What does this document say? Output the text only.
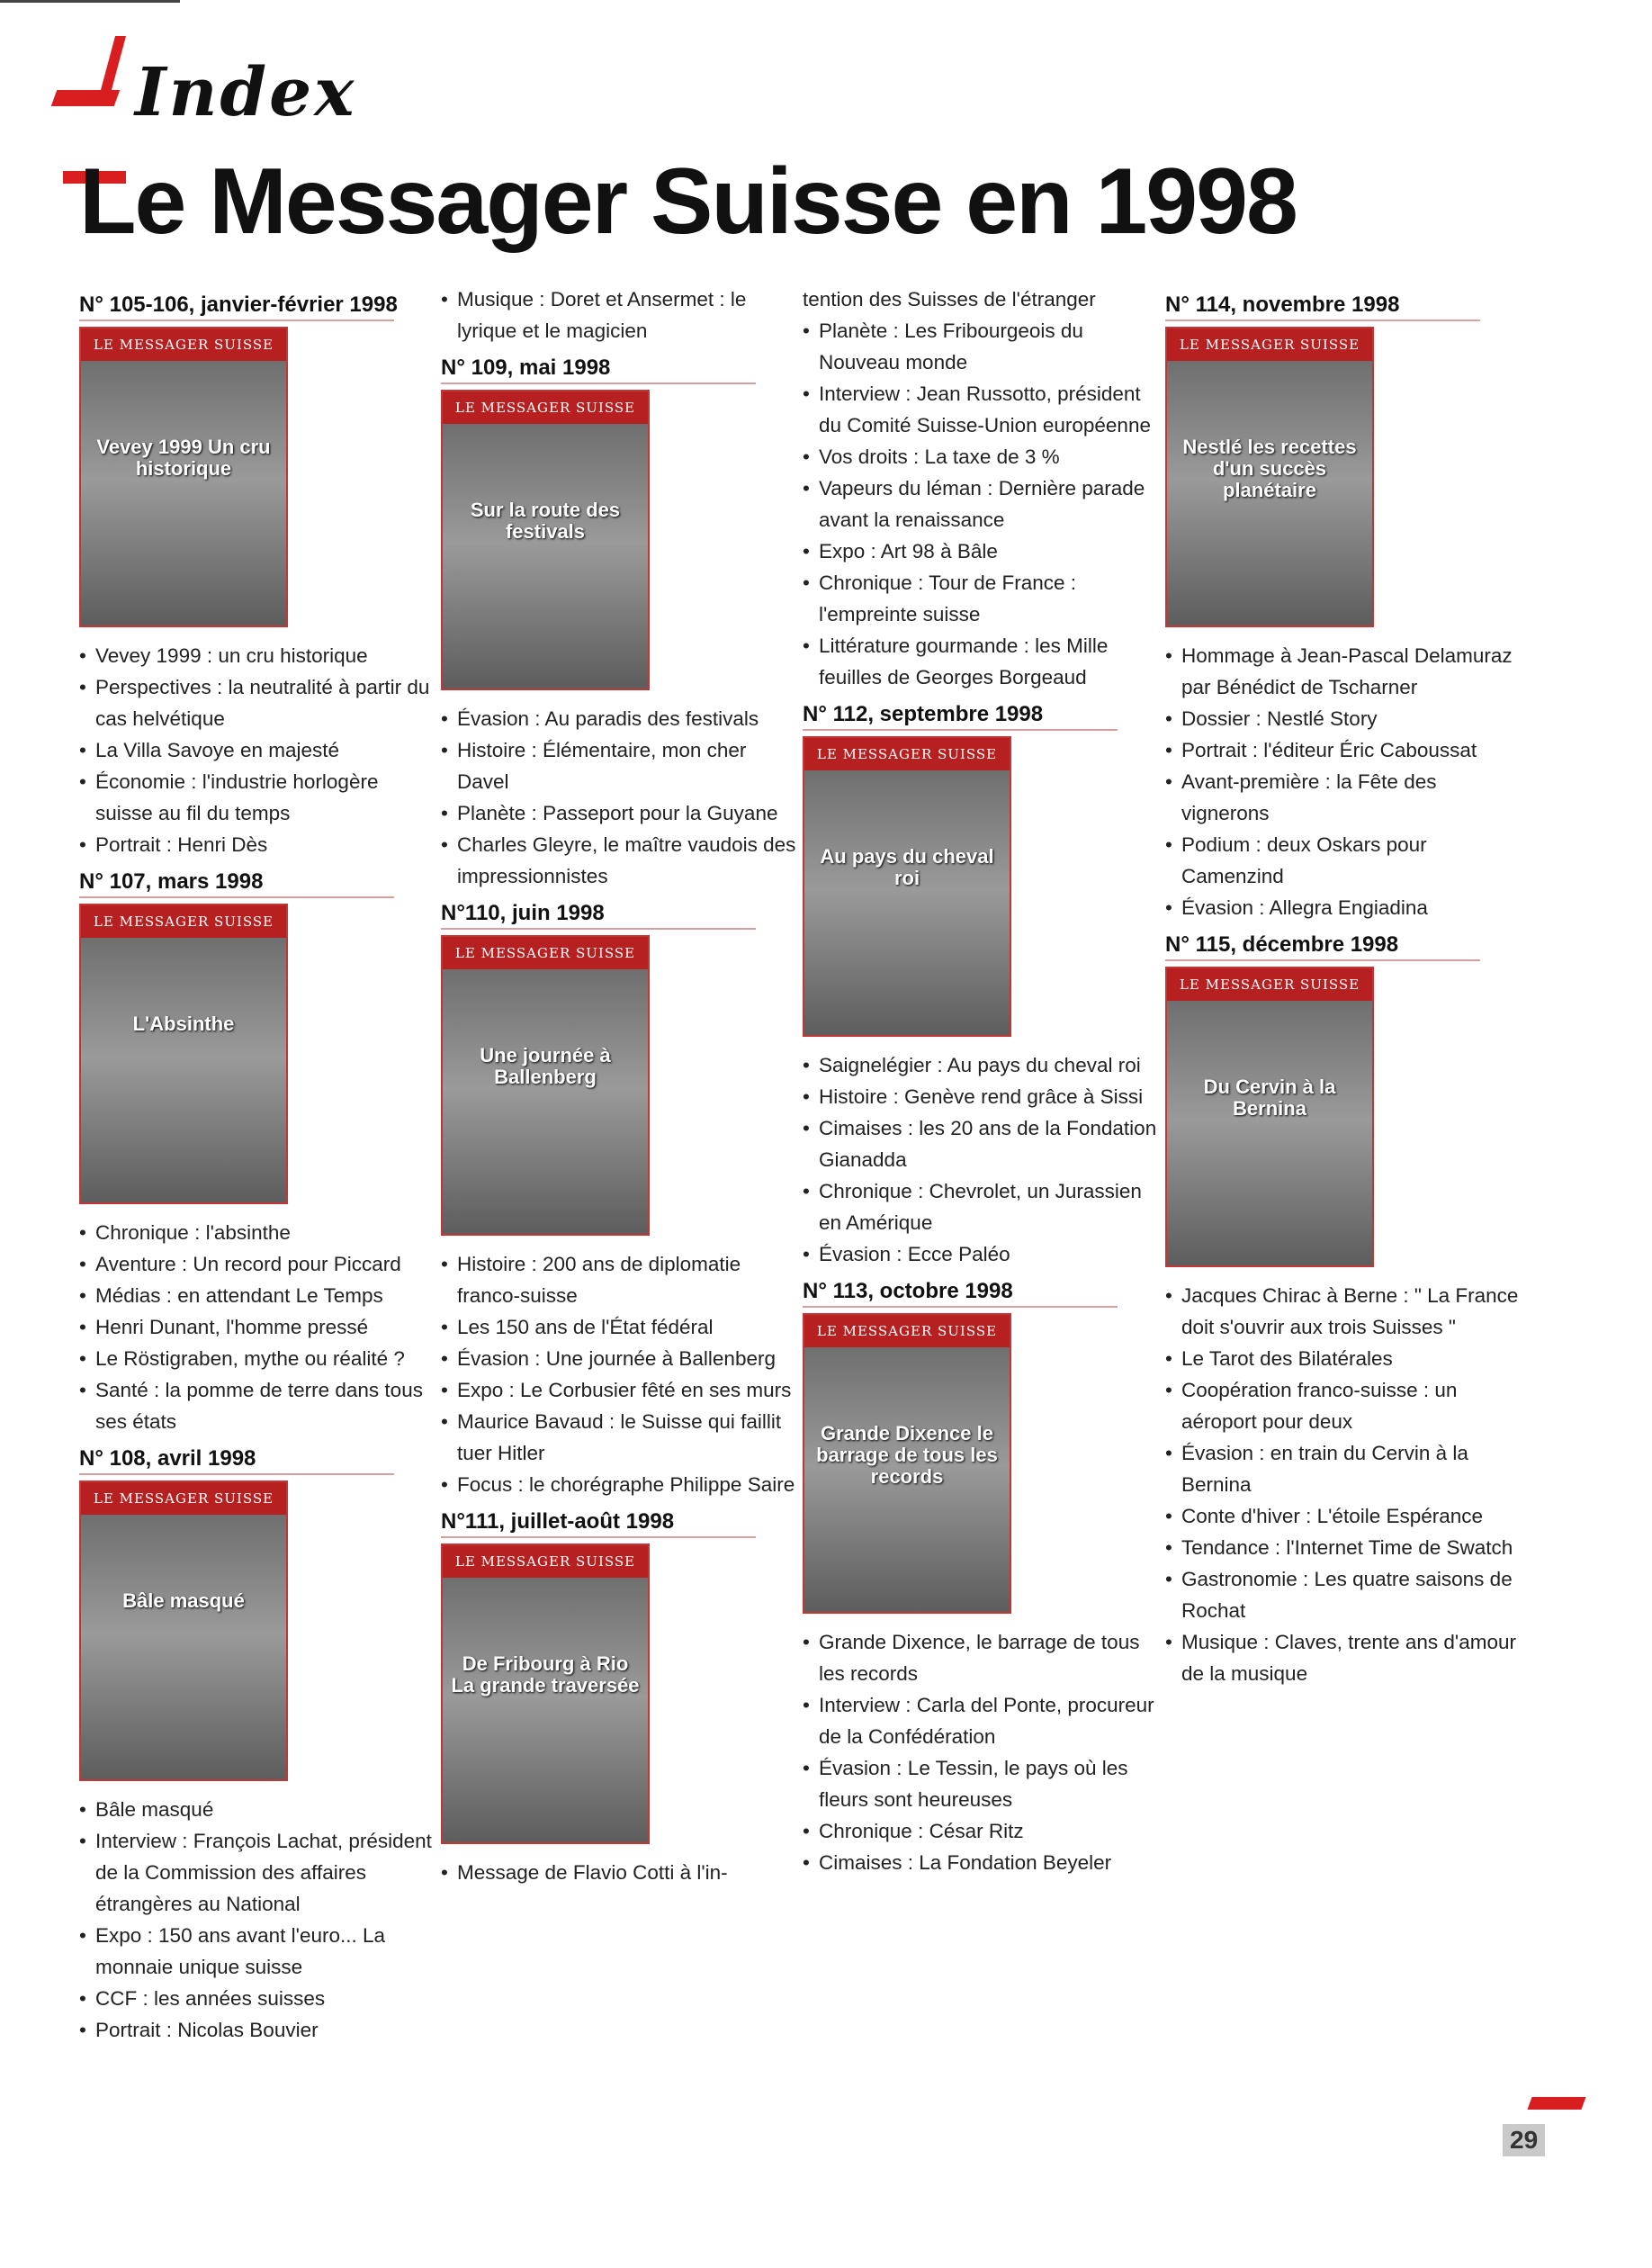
Index
Le Messager Suisse en 1998
N° 105-106, janvier-février 1998
LE MESSAGER SUISSE
Vevey 1999 Un cru historique
• Vevey 1999 : un cru historique
• Perspectives : la neutralité à partir du cas helvétique
• La Villa Savoye en majesté
• Économie : l'industrie horlogère suisse au fil du temps
• Portrait : Henri Dès
N° 107, mars 1998
LE MESSAGER SUISSE
L'Absinthe
• Chronique : l'absinthe
• Aventure : Un record pour Piccard
• Médias : en attendant Le Temps
• Henri Dunant, l'homme pressé
• Le Röstigraben, mythe ou réalité ?
• Santé : la pomme de terre dans tous ses états
N° 108, avril 1998
LE MESSAGER SUISSE
Bâle masqué
• Bâle masqué
• Interview : François Lachat, président de la Commission des affaires étrangères au National
• Expo : 150 ans avant l'euro... La monnaie unique suisse
• CCF : les années suisses
• Portrait : Nicolas Bouvier
• Musique : Doret et Ansermet : le lyrique et le magicien
N° 109, mai 1998
LE MESSAGER SUISSE
Sur la route des festivals
• Évasion : Au paradis des festivals
• Histoire : Élémentaire, mon cher Davel
• Planète : Passeport pour la Guyane
• Charles Gleyre, le maître vaudois des impressionnistes
N°110, juin 1998
LE MESSAGER SUISSE
Une journée à Ballenberg
• Histoire : 200 ans de diplomatie franco-suisse
• Les 150 ans de l'État fédéral
• Évasion : Une journée à Ballenberg
• Expo : Le Corbusier fêté en ses murs
• Maurice Bavaud : le Suisse qui faillit tuer Hitler
• Focus : le chorégraphe Philippe Saire
N°111, juillet-août 1998
LE MESSAGER SUISSE
De Fribourg à Rio La grande traversée
• Message de Flavio Cotti à l'in-
tention des Suisses de l'étranger
• Planète : Les Fribourgeois du Nouveau monde
• Interview : Jean Russotto, président du Comité Suisse-Union européenne
• Vos droits : La taxe de 3 %
• Vapeurs du léman : Dernière parade avant la renaissance
• Expo : Art 98 à Bâle
• Chronique : Tour de France : l'empreinte suisse
• Littérature gourmande : les Mille feuilles de Georges Borgeaud
N° 112, septembre 1998
LE MESSAGER SUISSE
Au pays du cheval roi
• Saignelégier : Au pays du cheval roi
• Histoire : Genève rend grâce à Sissi
• Cimaises : les 20 ans de la Fondation Gianadda
• Chronique : Chevrolet, un Jurassien en Amérique
• Évasion : Ecce Paléo
N° 113, octobre 1998
LE MESSAGER SUISSE
Grande Dixence le barrage de tous les records
• Grande Dixence, le barrage de tous les records
• Interview : Carla del Ponte, procureur de la Confédération
• Évasion : Le Tessin, le pays où les fleurs sont heureuses
• Chronique : César Ritz
• Cimaises : La Fondation Beyeler
N° 114, novembre 1998
LE MESSAGER SUISSE
Nestlé les recettes d'un succès planétaire
• Hommage à Jean-Pascal Delamuraz par Bénédict de Tscharner
• Dossier : Nestlé Story
• Portrait : l'éditeur Éric Caboussat
• Avant-première : la Fête des vignerons
• Podium : deux Oskars pour Camenzind
• Évasion : Allegra Engiadina
N° 115, décembre 1998
LE MESSAGER SUISSE
Du Cervin à la Bernina
• Jacques Chirac à Berne : " La France doit s'ouvrir aux trois Suisses "
• Le Tarot des Bilatérales
• Coopération franco-suisse : un aéroport pour deux
• Évasion : en train du Cervin à la Bernina
• Conte d'hiver : L'étoile Espérance
• Tendance : l'Internet Time de Swatch
• Gastronomie : Les quatre saisons de Rochat
• Musique : Claves, trente ans d'amour de la musique
29
